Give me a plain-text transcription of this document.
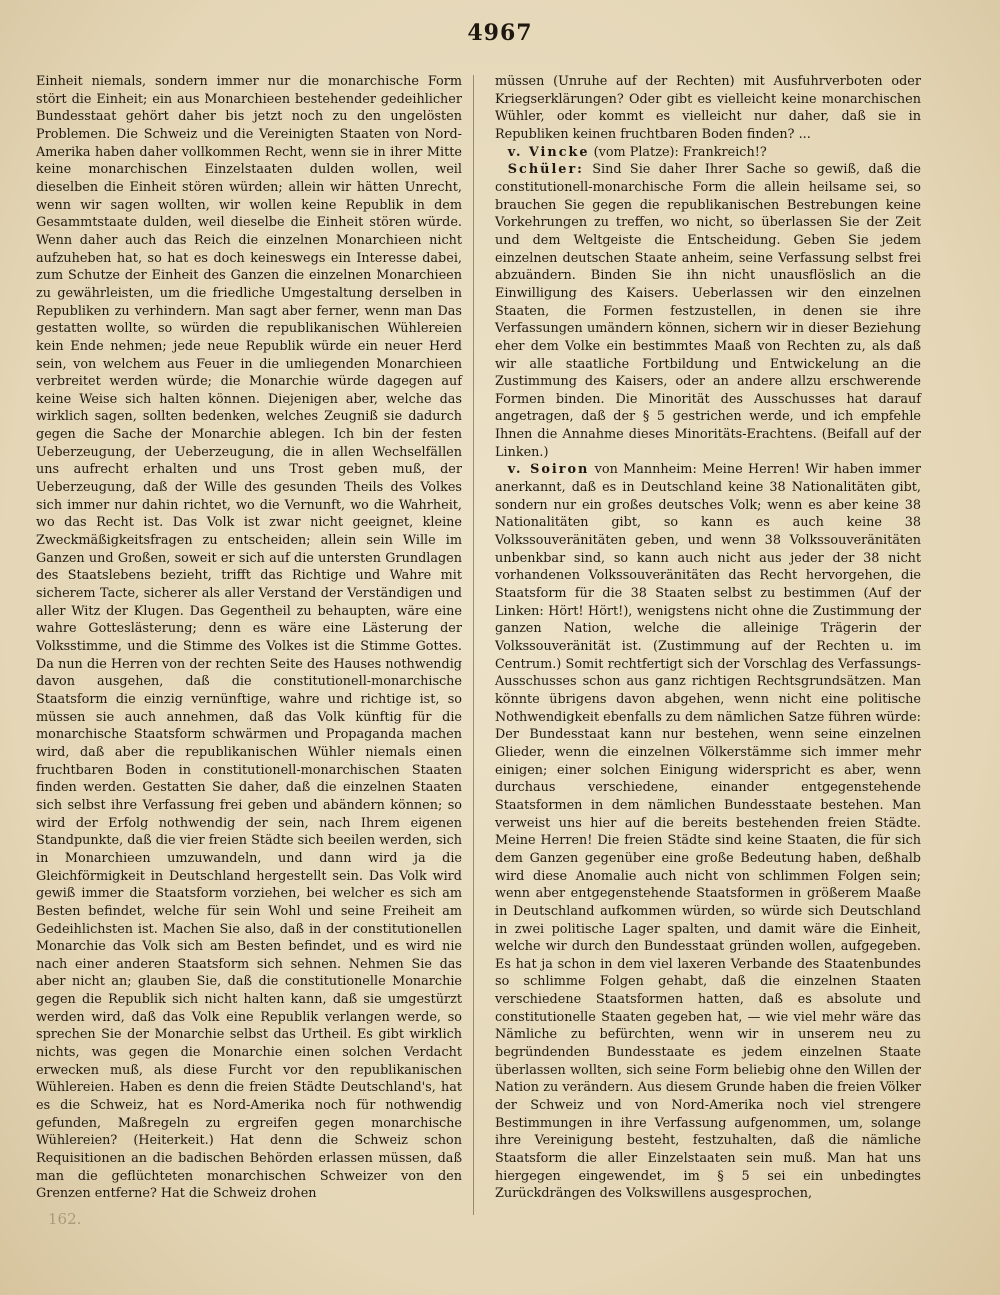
4967

Einheit niemals, sondern immer nur die monarchische Form stört die Einheit; ein aus Monarchieen bestehender gedeihlicher Bundesstaat gehört daher bis jetzt noch zu den ungelösten Problemen. Die Schweiz und die Vereinigten Staaten von Nord-Amerika haben daher vollkommen Recht, wenn sie in ihrer Mitte keine monarchischen Einzelstaaten dulden wollen, weil dieselben die Einheit stören würden; allein wir hätten Unrecht, wenn wir sagen wollten, wir wollen keine Republik in dem Gesammtstaate dulden, weil dieselbe die Einheit stören würde. Wenn daher auch das Reich die einzelnen Monarchieen nicht aufzuheben hat, so hat es doch keineswegs ein Interesse dabei, zum Schutze der Einheit des Ganzen die einzelnen Monarchieen zu gewährleisten, um die friedliche Umgestaltung derselben in Republiken zu verhindern. Man sagt aber ferner, wenn man Das gestatten wollte, so würden die republikanischen Wühlereien kein Ende nehmen; jede neue Republik würde ein neuer Herd sein, von welchem aus Feuer in die umliegenden Monarchieen verbreitet werden würde; die Monarchie würde dagegen auf keine Weise sich halten können. Diejenigen aber, welche das wirklich sagen, sollten bedenken, welches Zeugniß sie dadurch gegen die Sache der Monarchie ablegen. Ich bin der festen Ueberzeugung, der Ueberzeugung, die in allen Wechselfällen uns aufrecht erhalten und uns Trost geben muß, der Ueberzeugung, daß der Wille des gesunden Theils des Volkes sich immer nur dahin richtet, wo die Vernunft, wo die Wahrheit, wo das Recht ist. Das Volk ist zwar nicht geeignet, kleine Zweckmäßigkeitsfragen zu entscheiden; allein sein Wille im Ganzen und Großen, soweit er sich auf die untersten Grundlagen des Staatslebens bezieht, trifft das Richtige und Wahre mit sicherem Tacte, sicherer als aller Verstand der Verständigen und aller Witz der Klugen. Das Gegentheil zu behaupten, wäre eine wahre Gotteslästerung; denn es wäre eine Lästerung der Volksstimme, und die Stimme des Volkes ist die Stimme Gottes. Da nun die Herren von der rechten Seite des Hauses nothwendig davon ausgehen, daß die constitutionell-monarchische Staatsform die einzig vernünftige, wahre und richtige ist, so müssen sie auch annehmen, daß das Volk künftig für die monarchische Staatsform schwärmen und Propaganda machen wird, daß aber die republikanischen Wühler niemals einen fruchtbaren Boden in constitutionell-monarchischen Staaten finden werden. Gestatten Sie daher, daß die einzelnen Staaten sich selbst ihre Verfassung frei geben und abändern können; so wird der Erfolg nothwendig der sein, nach Ihrem eigenen Standpunkte, daß die vier freien Städte sich beeilen werden, sich in Monarchieen umzuwandeln, und dann wird ja die Gleichförmigkeit in Deutschland hergestellt sein. Das Volk wird gewiß immer die Staatsform vorziehen, bei welcher es sich am Besten befindet, welche für sein Wohl und seine Freiheit am Gedeihlichsten ist. Machen Sie also, daß in der constitutionellen Monarchie das Volk sich am Besten befindet, und es wird nie nach einer anderen Staatsform sich sehnen. Nehmen Sie das aber nicht an; glauben Sie, daß die constitutionelle Monarchie gegen die Republik sich nicht halten kann, daß sie umgestürzt werden wird, daß das Volk eine Republik verlangen werde, so sprechen Sie der Monarchie selbst das Urtheil. Es gibt wirklich nichts, was gegen die Monarchie einen solchen Verdacht erwecken muß, als diese Furcht vor den republikanischen Wühlereien. Haben es denn die freien Städte Deutschland's, hat es die Schweiz, hat es Nord-Amerika noch für nothwendig gefunden, Maßregeln zu ergreifen gegen monarchische Wühlereien? (Heiterkeit.) Hat denn die Schweiz schon Requisitionen an die badischen Behörden erlassen müssen, daß man die geflüchteten monarchischen Schweizer von den Grenzen entferne? Hat die Schweiz drohen

müssen (Unruhe auf der Rechten) mit Ausfuhrverboten oder Kriegserklärungen? Oder gibt es vielleicht keine monarchischen Wühler, oder kommt es vielleicht nur daher, daß sie in Republiken keinen fruchtbaren Boden finden? ...

 v. Vincke (vom Platze): Frankreich!?

 Schüler: Sind Sie daher Ihrer Sache so gewiß, daß die constitutionell-monarchische Form die allein heilsame sei, so brauchen Sie gegen die republikanischen Bestrebungen keine Vorkehrungen zu treffen, wo nicht, so überlassen Sie der Zeit und dem Weltgeiste die Entscheidung. Geben Sie jedem einzelnen deutschen Staate anheim, seine Verfassung selbst frei abzuändern. Binden Sie ihn nicht unausflöslich an die Einwilligung des Kaisers. Ueberlassen wir den einzelnen Staaten, die Formen festzustellen, in denen sie ihre Verfassungen umändern können, sichern wir in dieser Beziehung eher dem Volke ein bestimmtes Maaß von Rechten zu, als daß wir alle staatliche Fortbildung und Entwickelung an die Zustimmung des Kaisers, oder an andere allzu erschwerende Formen binden. Die Minorität des Ausschusses hat darauf angetragen, daß der § 5 gestrichen werde, und ich empfehle Ihnen die Annahme dieses Minoritäts-Erachtens. (Beifall auf der Linken.)

 v. Soiron von Mannheim: Meine Herren! Wir haben immer anerkannt, daß es in Deutschland keine 38 Nationalitäten gibt, sondern nur ein großes deutsches Volk; wenn es aber keine 38 Nationalitäten gibt, so kann es auch keine 38 Volkssouveränitäten geben, und wenn 38 Volkssouveränitäten unbenkbar sind, so kann auch nicht aus jeder der 38 nicht vorhandenen Volkssouveränitäten das Recht hervorgehen, die Staatsform für die 38 Staaten selbst zu bestimmen (Auf der Linken: Hört! Hört!), wenigstens nicht ohne die Zustimmung der ganzen Nation, welche die alleinige Trägerin der Volkssouveränität ist. (Zustimmung auf der Rechten u. im Centrum.) Somit rechtfertigt sich der Vorschlag des Verfassungs-Ausschusses schon aus ganz richtigen Rechtsgrundsätzen. Man könnte übrigens davon abgehen, wenn nicht eine politische Nothwendigkeit ebenfalls zu dem nämlichen Satze führen würde: Der Bundesstaat kann nur bestehen, wenn seine einzelnen Glieder, wenn die einzelnen Völkerstämme sich immer mehr einigen; einer solchen Einigung widerspricht es aber, wenn durchaus verschiedene, einander entgegenstehende Staatsformen in dem nämlichen Bundesstaate bestehen. Man verweist uns hier auf die bereits bestehenden freien Städte. Meine Herren! Die freien Städte sind keine Staaten, die für sich dem Ganzen gegenüber eine große Bedeutung haben, deßhalb wird diese Anomalie auch nicht von schlimmen Folgen sein; wenn aber entgegenstehende Staatsformen in größerem Maaße in Deutschland aufkommen würden, so würde sich Deutschland in zwei politische Lager spalten, und damit wäre die Einheit, welche wir durch den Bundesstaat gründen wollen, aufgegeben. Es hat ja schon in dem viel laxeren Verbande des Staatenbundes so schlimme Folgen gehabt, daß die einzelnen Staaten verschiedene Staatsformen hatten, daß es absolute und constitutionelle Staaten gegeben hat, — wie viel mehr wäre das Nämliche zu befürchten, wenn wir in unserem neu zu begründenden Bundesstaate es jedem einzelnen Staate überlassen wollten, sich seine Form beliebig ohne den Willen der Nation zu verändern. Aus diesem Grunde haben die freien Völker der Schweiz und von Nord-Amerika noch viel strengere Bestimmungen in ihre Verfassung aufgenommen, um, solange ihre Vereinigung besteht, festzuhalten, daß die nämliche Staatsform die aller Einzelstaaten sein muß. Man hat uns hiergegen eingewendet, im § 5 sei ein unbedingtes Zurückdrängen des Volkswillens ausgesprochen,

162.
